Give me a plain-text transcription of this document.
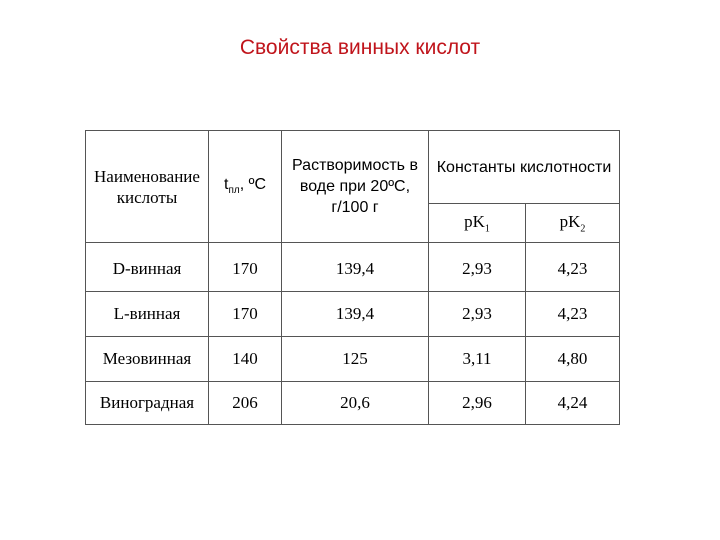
Свойства винных кислот
Наименование кислоты	$t_{пл}$, ºС	Растворимость в воде при 20ºС, г/100 г	Константы кислотности	
			$pK_1$	$pK_2$
D-винная	170	139,4	2,93	4,23
L-винная	170	139,4	2,93	4,23
Мезовинная	140	125	3,11	4,80
Виноградная	206	20,6	2,96	4,24
